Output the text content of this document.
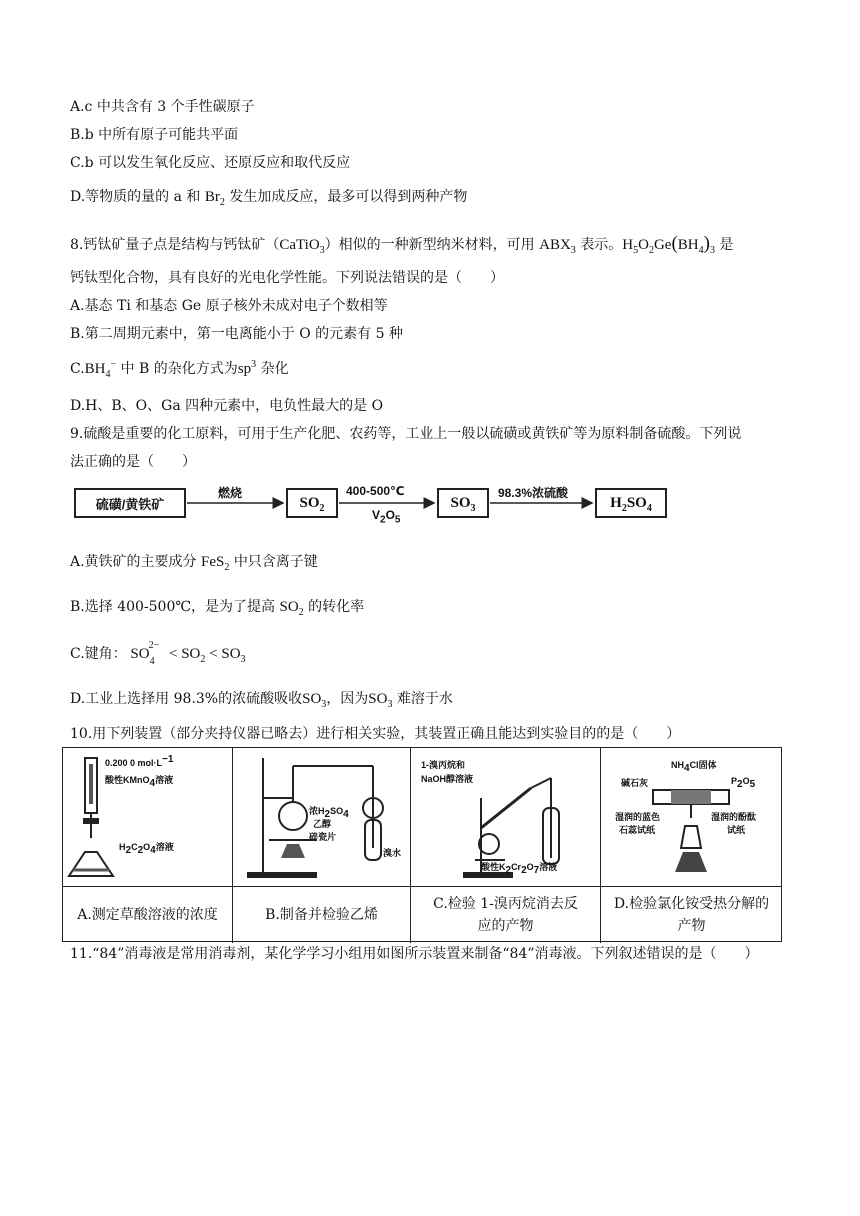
A.c 中共含有 3 个手性碳原子
B.b 中所有原子可能共平面
C.b 可以发生氧化反应、还原反应和取代反应
D.等物质的量的 a 和 $Br_2$ 发生加成反应，最多可以得到两种产物
8.钙钛矿量子点是结构与钙钛矿（CaTiO$_3$）相似的一种新型纳米材料，可用 $ABX_3$ 表示。$H_5O_2Ge(BH_4)_3$ 是
钙钛型化合物，具有良好的光电化学性能。下列说法错误的是（　　）
A.基态 Ti 和基态 Ge 原子核外未成对电子个数相等
B.第二周期元素中，第一电离能小于 O 的元素有 5 种
$C.BH_4^-$ 中 B 的杂化方式为$sp^3$ 杂化
D.H、B、O、Ga 四种元素中，电负性最大的是 O
9.硫酸是重要的化工原料，可用于生产化肥、农药等，工业上一般以硫磺或黄铁矿等为原料制备硫酸。下列说
法正确的是（　　）
硫磺/黄铁矿
燃烧
$SO_2$
400-500℃
$V_2O_5$
$SO_3$
98.3%浓硫酸
$H_2SO_4$
A.黄铁矿的主要成分 FeS$_2$ 中只含离子键
B.选择 400-500℃，是为了提高 $SO_2$ 的转化率
C.键角： $SO_4^{2-} < SO_2 < SO_3$
D.工业上选择用 98.3%的浓硫酸吸收$SO_3$，因为$SO_3$ 难溶于水
10.用下列装置（部分夹持仪器已略去）进行相关实验，其装置正确且能达到实验目的的是（　　）
0.200 0 $mol\cdot L^{-1}$
酸性KMnO$_4$溶液
$H_2C_2O_4$溶液
浓$H_2SO_4$
乙醇
碎瓷片
溴水
1-溴丙烷和
NaOH醇溶液
酸性$K_2Cr_2O_7$溶液
$NH_4Cl$固体
碱石灰	$P_2O_5$
湿润的蓝色
石蕊试纸
湿润的酚酞
试纸
A.测定草酸溶液的浓度	B.制备并检验乙烯
C.检验 1-溴丙烷消去反应的产物
D.检验氯化铵受热分解的产物
11.“84”消毒液是常用消毒剂，某化学学习小组用如图所示装置来制备“84”消毒液。下列叙述错误的是（　　）
